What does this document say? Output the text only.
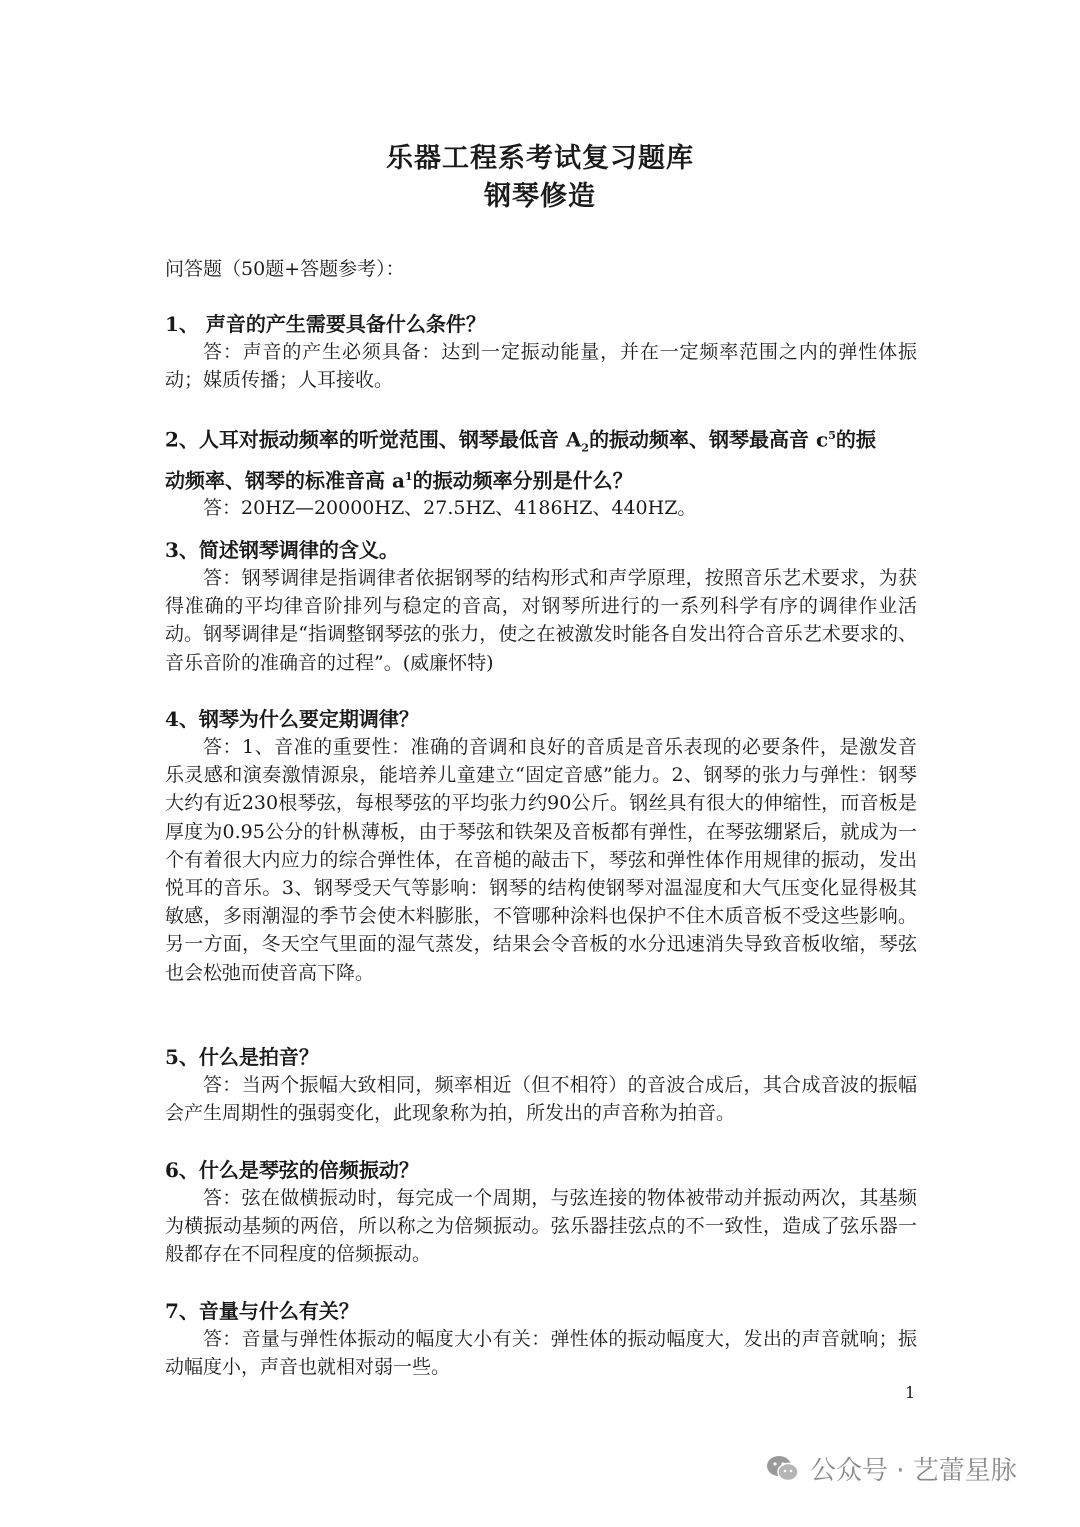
乐器工程系考试复习题库
钢琴修造
问答题（50题+答题参考）：

1、 声音的产生需要具备什么条件？

答：声音的产生必须具备：达到一定振动能量，并在一定频率范围之内的弹性体振动；媒质传播；人耳接收。

2、人耳对振动频率的听觉范围、钢琴最低音 $A_2$的振动频率、钢琴最高音 $c^5$的振
动频率、钢琴的标准音高 $a^1$的振动频率分别是什么？

答：20HZ—20000HZ、27.5HZ、4186HZ、440HZ。

3、简述钢琴调律的含义。

答：钢琴调律是指调律者依据钢琴的结构形式和声学原理，按照音乐艺术要求，为获得准确的平均律音阶排列与稳定的音高，对钢琴所进行的一系列科学有序的调律作业活动。钢琴调律是“指调整钢琴弦的张力，使之在被激发时能各自发出符合音乐艺术要求的、音乐音阶的准确音的过程”。(威廉怀特)

4、钢琴为什么要定期调律？

答：1、音准的重要性：准确的音调和良好的音质是音乐表现的必要条件，是激发音乐灵感和演奏激情源泉，能培养儿童建立“固定音感”能力。2、钢琴的张力与弹性：钢琴大约有近230根琴弦，每根琴弦的平均张力约90公斤。钢丝具有很大的伸缩性，而音板是厚度为0.95公分的针枞薄板，由于琴弦和铁架及音板都有弹性，在琴弦绷紧后，就成为一个有着很大内应力的综合弹性体，在音槌的敲击下，琴弦和弹性体作用规律的振动，发出悦耳的音乐。3、钢琴受天气等影响：钢琴的结构使钢琴对温湿度和大气压变化显得极其敏感，多雨潮湿的季节会使木料膨胀，不管哪种涂料也保护不住木质音板不受这些影响。另一方面，冬天空气里面的湿气蒸发，结果会令音板的水分迅速消失导致音板收缩，琴弦也会松弛而使音高下降。

5、什么是拍音？

答：当两个振幅大致相同，频率相近（但不相符）的音波合成后，其合成音波的振幅会产生周期性的强弱变化，此现象称为拍，所发出的声音称为拍音。

6、什么是琴弦的倍频振动？

答：弦在做横振动时，每完成一个周期，与弦连接的物体被带动并振动两次，其基频为横振动基频的两倍，所以称之为倍频振动。弦乐器挂弦点的不一致性，造成了弦乐器一般都存在不同程度的倍频振动。

7、音量与什么有关？

答：音量与弹性体振动的幅度大小有关：弹性体的振动幅度大，发出的声音就响；振动幅度小，声音也就相对弱一些。

1
公众号 · 艺蕾星脉
